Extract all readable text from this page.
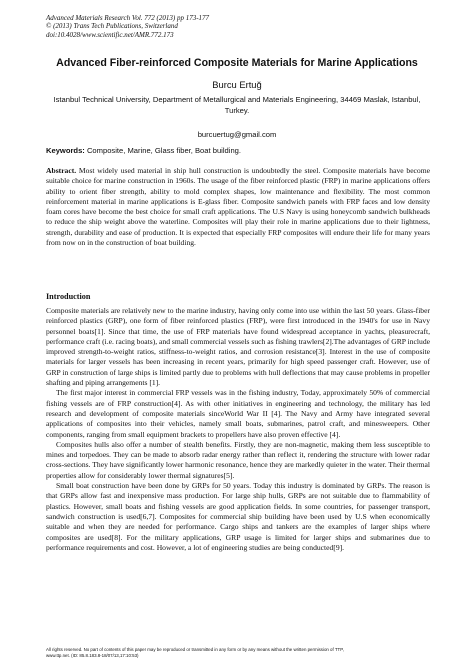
Advanced Materials Research Vol. 772 (2013) pp 173-177
© (2013) Trans Tech Publications, Switzerland
doi:10.4028/www.scientific.net/AMR.772.173
Advanced Fiber-reinforced Composite Materials for Marine Applications
Burcu Ertuğ
Istanbul Technical University, Department of Metallurgical and Materials Engineering, 34469 Maslak, Istanbul, Turkey.
burcuertug@gmail.com
Keywords: Composite, Marine, Glass fiber, Boat building.

Abstract. Most widely used material in ship hull construction is undoubtedly the steel. Composite materials have become suitable choice for marine construction in 1960s. The usage of the fiber reinforced plastic (FRP) in marine applications offers ability to orient fiber strength, ability to mold complex shapes, low maintenance and flexibility. The most common reinforcement material in marine applications is E-glass fiber. Composite sandwich panels with FRP faces and low density foam cores have become the best choice for small craft applications. The U.S Navy is using honeycomb sandwich bulkheads to reduce the ship weight above the waterline. Composites will play their role in marine applications due to their lightness, strength, durability and ease of production. It is expected that especially FRP composites will endure their life for many years from now on in the construction of boat building.

Introduction

Composite materials are relatively new to the marine industry, having only come into use within the last 50 years. Glass-fiber reinforced plastics (GRP), one form of fiber reinforced plastics (FRP), were first introduced in the 1940's for use in Navy personnel boats[1]. Since that time, the use of FRP materials have found widespread acceptance in yachts, pleasurecraft, performance craft (i.e. racing boats), and small commercial vessels such as fishing trawlers[2].The advantages of GRP include improved strength-to-weight ratios, stiffness-to-weight ratios, and corrosion resistance[3]. Interest in the use of composite materials for larger vessels has been increasing in recent years, primarily for high speed passenger craft. However, use of GRP in construction of large ships is limited partly due to problems with hull deflections that may cause problems in propeller shafting and piping arrangements [1].

The first major interest in commercial FRP vessels was in the fishing industry, Today, approximately 50% of commercial fishing vessels are of FRP construction[4]. As with other initiatives in engineering and technology, the military has led research and development of composite materials sinceWorld War II [4]. The Navy and Army have integrated several applications of composites into their vehicles, namely small boats, submarines, patrol craft, and minesweepers. Other components, ranging from small equipment brackets to propellers have also proven effective [4].

Composites hulls also offer a number of stealth benefits. Firstly, they are non-magnetic, making them less susceptible to mines and torpedoes. They can be made to absorb radar energy rather than reflect it, rendering the structure with lower radar cross-sections. They have significantly lower harmonic resonance, hence they are markedly quieter in the water. Their thermal properties allow for considerably lower thermal signatures[5].

Small boat construction have been done by GRPs for 50 years. Today this industry is dominated by GRPs. The reason is that GRPs allow fast and inexpensive mass production. For large ship hulls, GRPs are not suitable due to flammability of plastics. However, small boats and fishing vessels are good application fields. In some countries, for passenger transport, sandwich construction is used[6,7]. Composites for commercial ship building have been used by U.S when economically suitable and when they are needed for performance. Cargo ships and tankers are the examples of larger ships where composites are used[8]. For the military applications, GRP usage is limited for larger ships and submarines due to performance requirements and cost. However, a lot of engineering studies are being conducted[9].

All rights reserved. No part of contents of this paper may be reproduced or transmitted in any form or by any means without the written permission of TTP,
www.ttp.net. (ID: 85.8.183.8-18/07/13,17:10:53)
